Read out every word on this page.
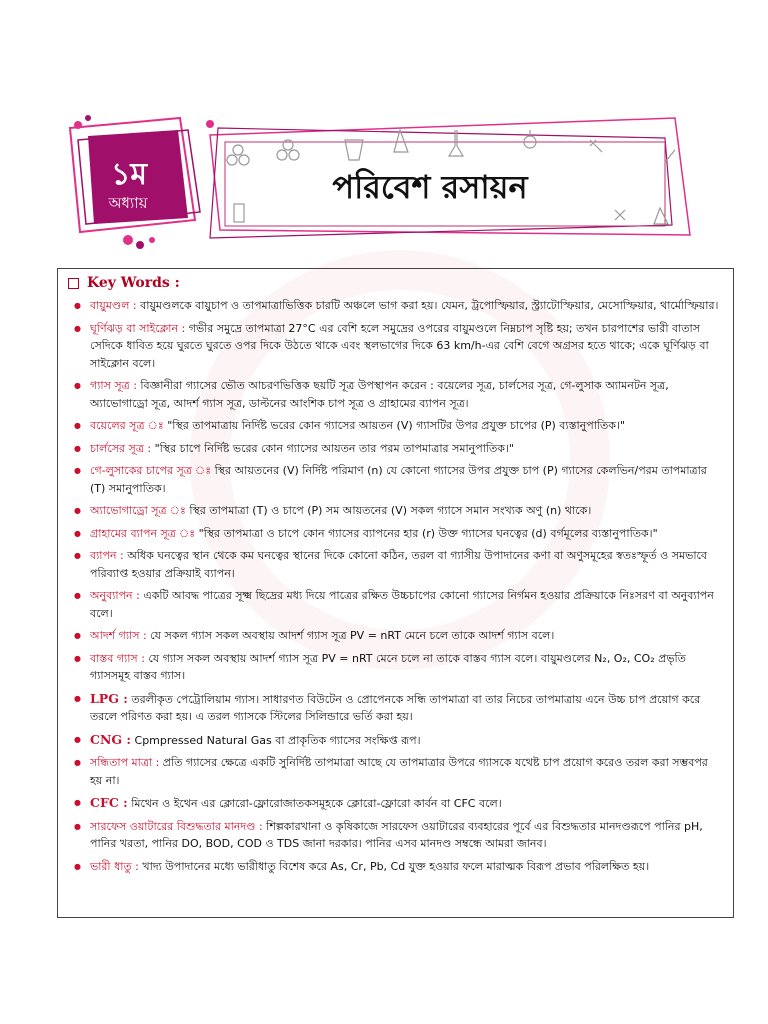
১ম
অধ্যায়	পরিবেশ রসায়ন
Key Words :
● বায়ুমণ্ডল : বায়ুমণ্ডলকে বায়ুচাপ ও তাপমাত্রাভিত্তিক চারটি অঞ্চলে ভাগ করা হয়। যেমন, ট্রপোস্ফিয়ার, স্ট্র্যাটোস্ফিয়ার, মেসোস্ফিয়ার, থার্মোস্ফিয়ার।
● ঘূর্ণিঝড় বা সাইক্লোন : গভীর সমুদ্রে তাপমাত্রা 27°C এর বেশি হলে সমুদ্রের ওপরের বায়ুমণ্ডলে নিম্নচাপ সৃষ্টি হয়; তখন চারপাশের ভারী বাতাস সেদিকে ধাবিত হয়ে ঘুরতে ঘুরতে ওপর দিকে উঠতে থাকে এবং স্থলভাগের দিকে 63 km/h-এর বেশি বেগে অগ্রসর হতে থাকে; একে ঘূর্ণিঝড় বা সাইক্লোন বলে।
● গ্যাস সূত্র : বিজ্ঞানীরা গ্যাসের ভৌত আচরণভিত্তিক ছয়টি সূত্র উপস্থাপন করেন : বয়েলের সূত্র, চার্লসের সূত্র, গে-লুসাক অ্যামনটন সূত্র, অ্যাভোগাড্রো সূত্র, আদর্শ গ্যাস সূত্র, ডাল্টনের আংশিক চাপ সূত্র ও গ্রাহামের ব্যাপন সূত্র।
● বয়েলের সূত্র ঃ "স্থির তাপমাত্রায় নির্দিষ্ট ভরের কোন গ্যাসের আয়তন (V) গ্যাসটির উপর প্রযুক্ত চাপের (P) ব্যস্তানুপাতিক।"
● চার্লসের সূত্র : "স্থির চাপে নির্দিষ্ট ভরের কোন গ্যাসের আয়তন তার পরম তাপমাত্রার সমানুপাতিক।"
● গে-লুসাকের চাপের সূত্র ঃ স্থির আয়তনের (V) নির্দিষ্ট পরিমাণ (n) যে কোনো গ্যাসের উপর প্রযুক্ত চাপ (P) গ্যাসের কেলভিন/পরম তাপমাত্রার (T) সমানুপাতিক।
● অ্যাভোগাড্রো সূত্র ঃ স্থির তাপমাত্রা (T) ও চাপে (P) সম আয়তনের (V) সকল গ্যাসে সমান সংখ্যক অণু (n) থাকে।
● গ্রাহামের ব্যাপন সূত্র ঃ "স্থির তাপমাত্রা ও চাপে কোন গ্যাসের ব্যাপনের হার (r) উক্ত গ্যাসের ঘনত্বের (d) বর্গমূলের ব্যস্তানুপাতিক।"
● ব্যাপন : অধিক ঘনত্বের স্থান থেকে কম ঘনত্বের স্থানের দিকে কোনো কঠিন, তরল বা গ্যাসীয় উপাদানের কণা বা অণুসমূহের স্বতঃস্ফূর্ত ও সমভাবে পরিব্যাপ্ত হওয়ার প্রক্রিয়াই ব্যাপন।
● অনুব্যাপন : একটি আবদ্ধ পাত্রের সূক্ষ্ম ছিদ্রের মধ্য দিয়ে পাত্রের রক্ষিত উচ্চচাপের কোনো গ্যাসের নির্গমন হওয়ার প্রক্রিয়াকে নিঃসরণ বা অনুব্যাপন বলে।
● আদর্শ গ্যাস : যে সকল গ্যাস সকল অবস্থায় আদর্শ গ্যাস সূত্র PV = nRT মেনে চলে তাকে আদর্শ গ্যাস বলে।
● বাস্তব গ্যাস : যে গ্যাস সকল অবস্থায় আদর্শ গ্যাস সূত্র PV = nRT মেনে চলে না তাকে বাস্তব গ্যাস বলে। বায়ুমণ্ডলের N₂, O₂, CO₂ প্রভৃতি গ্যাসসমূহ বাস্তব গ্যাস।
● LPG : তরলীকৃত পেট্রোলিয়াম গ্যাস। সাধারণত বিউটেন ও প্রোপেনকে সন্ধি তাপমাত্রা বা তার নিচের তাপমাত্রায় এনে উচ্চ চাপ প্রয়োগ করে তরলে পরিণত করা হয়। এ তরল গ্যাসকে স্টিলের সিলিন্ডারে ভর্তি করা হয়।
● CNG : Cpmpressed Natural Gas বা প্রাকৃতিক গ্যাসের সংক্ষিপ্ত রূপ।
● সন্ধিতাপ মাত্রা : প্রতি গ্যাসের ক্ষেত্রে একটি সুনির্দিষ্ট তাপমাত্রা আছে যে তাপমাত্রার উপরে গ্যাসকে যথেষ্ট চাপ প্রয়োগ করেও তরল করা সম্ভবপর হয় না।
● CFC : মিথেন ও ইথেন এর ক্লোরো-ফ্লোরোজাতকসমূহকে ক্লোরো-ফ্লোরো কার্বন বা CFC বলে।
● সারফেস ওয়াটারের বিশুদ্ধতার মানদণ্ড : শিল্পকারখানা ও কৃষিকাজে সারফেস ওয়াটারের ব্যবহারের পূর্বে এর বিশুদ্ধতার মানদণ্ডরূপে পানির pH, পানির খরতা, পানির DO, BOD, COD ও TDS জানা দরকার। পানির এসব মানদণ্ড সম্বন্ধে আমরা জানব।
● ভারী ধাতু : খাদ্য উপাদানের মধ্যে ভারীধাতু বিশেষ করে As, Cr, Pb, Cd যুক্ত হওয়ার ফলে মারাত্মক বিরূপ প্রভাব পরিলক্ষিত হয়।
